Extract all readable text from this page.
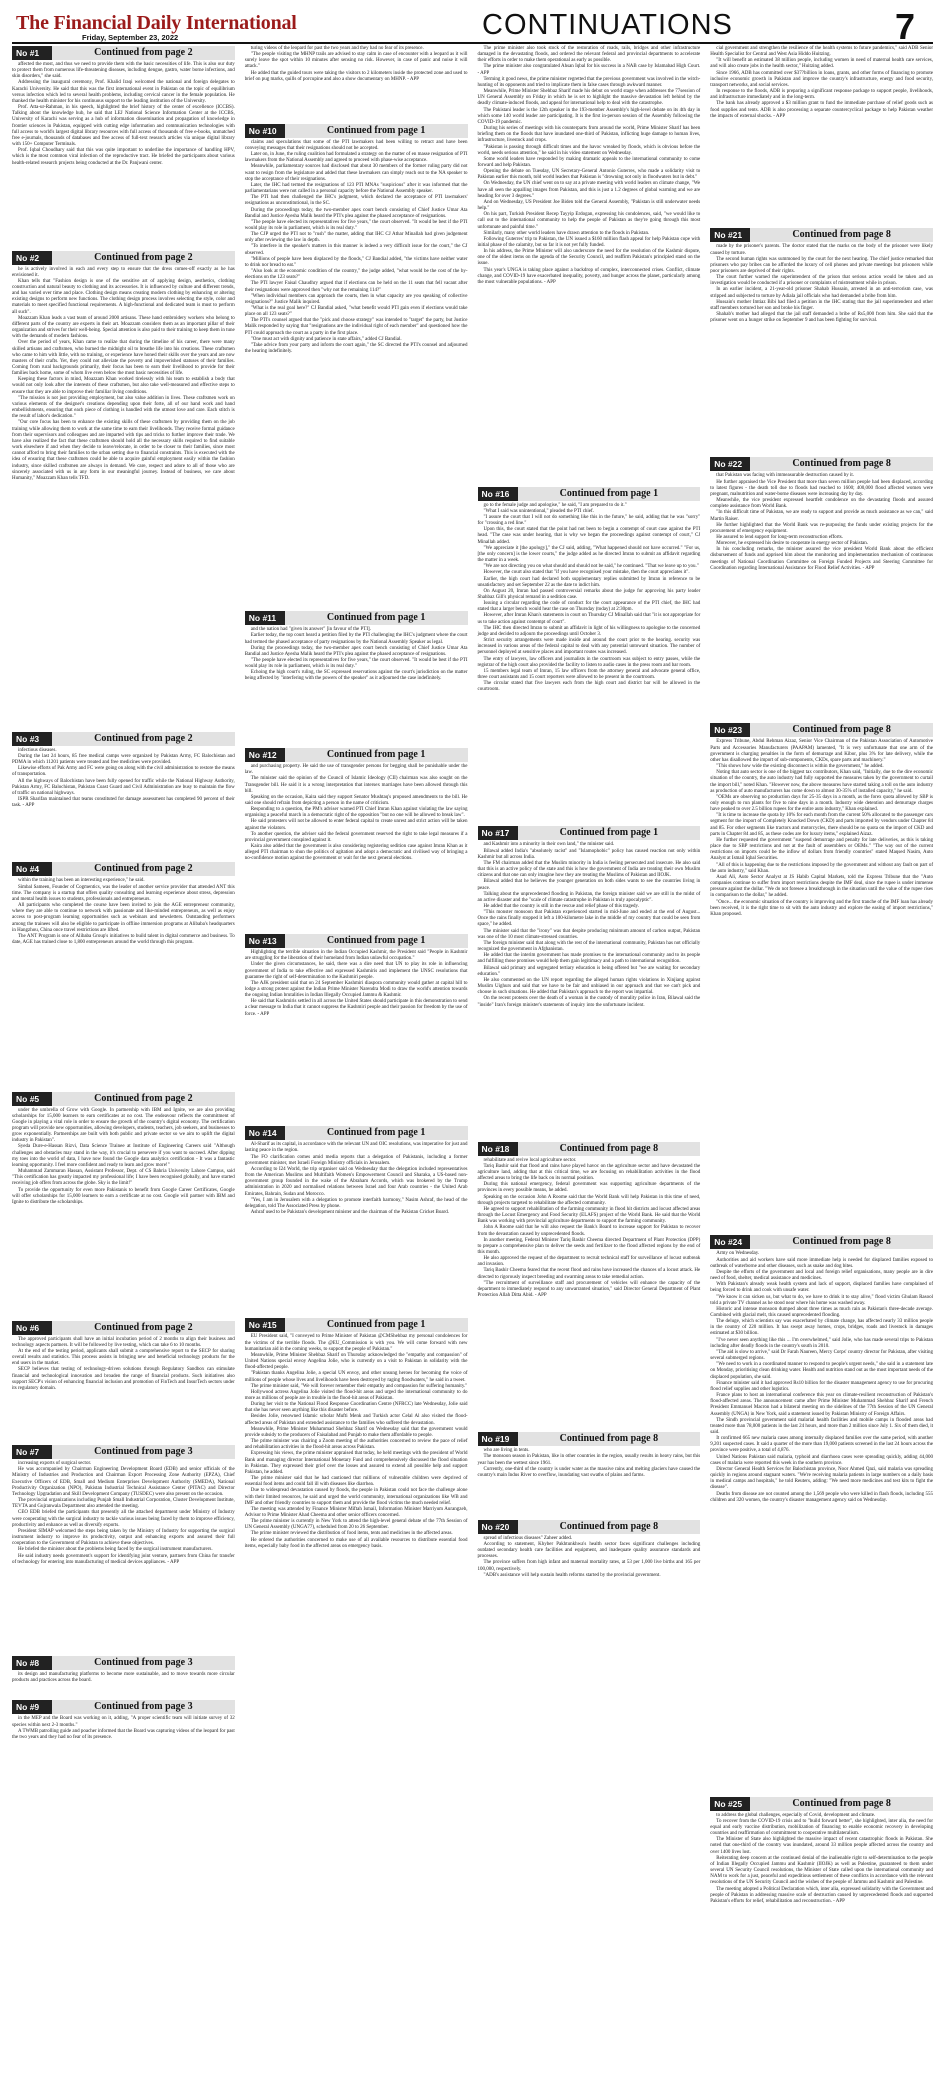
The Financial Daily International
Friday, September 23, 2022	CONTINUATIONS	7
No #1	Continued from page 2

affected the most, and thus we need to provide them with the basic necessities of life. This is also our duty to protect them from numerous life-threatening diseases, including dengue, gastro, water borne infections, and skin disorders," she said.

Addressing the inaugural ceremony, Prof. Khalid Iraqi welcomed the national and foreign delegates to Karachi University. He said that this was the first international event in Pakistan on the topic of equilibrium versus infection which led to several health problems, including cervical cancer in the female population. He thanked the health minister for his continuous support to the leading institution of the University.

Prof. Atta-ur-Rahman, in his speech, highlighted the brief history of the center of excellence (ICCBS). Talking about the knowledge hub, he said that LEJ National Science Information Center at the ICCBS, University of Karachi was serving as a hub of information dissemination and propagation of knowledge in frontier sciences in Pakistan, equipped with cutting edge information and communication technologies with full access to world's largest digital library resources with full access of thousands of free e-books, unmatched free e-journals, thousands of databases and free access of full-text research articles via unique digital library with 150+ Computer Terminals.

Prof. Iqbal Choudhary said that this was quite important to underline the importance of handling HPV, which is the most common viral infection of the reproductive tract. He briefed the participants about various health-related research projects being conducted at the Dr. Panjwani center.

No #2	Continued from page 2

he is actively involved in each and every step to ensure that the dress comes-off exactly as he has envisioned it.

Khan tells that "Fashion design is one of the sensitive art of applying design, aesthetics, clothing construction and natural beauty to clothing and its accessories. It is influenced by culture and different trends, and has varied over time and place. Clothing design means creating modern clothing by enhancing or altering existing designs to perform new functions. The clothing design process involves selecting the style, color and materials to meet specified functional requirements. A high-functional and dedicated team is must to perform all such".

Moazzam Khan leads a vast team of around 2000 artisans. These hand embroidery workers who belong to different parts of the country are experts in their art. Moazzam considers them as an important pillar of their organization and strives for their well-being. Special attention is also paid to their training to keep them in tune with the demands of modern fashions.

Over the period of years, Khan came to realize that during the timeline of his career, there were many skilled artisans and craftsmen, who burned the midnight oil to breathe life into his creations. These craftsmen who came to him with little, with no training, or experience have honed their skills over the years and are now masters of their crafts. Yet, they could not alleviate the poverty and impoverished statuses of their families. Coming from rural backgrounds primarily, their focus has been to earn their livelihood to provide for their families back home, some of whom live even below the most basic necessities of life.

Keeping these factors in mind, Moazzam Khan worked tirelessly with his team to establish a body that would not only look after the interests of these craftsmen, but also take well-measured and effective steps to ensure that they are able to improve their familiar living conditions.

"The mission is not just providing employment, but also value addition in lives. These craftsmen work on various elements of the designer's creations depending upon their forte, all of our hand work and hand embellishments, ensuring that each piece of clothing is handled with the utmost love and care. Each stitch is the result of labor's dedication."

"Our core focus has been to enhance the existing skills of these craftsmen by providing them on the job training while allowing them to work at the same time to earn their livelihoods. They receive formal guidance from their supervisors and colleagues and are imparted with tips and tricks to further improve their trade. We have also realized the fact that these craftsmen should hold all the necessary skills required to find suitable work elsewhere if and when they decide to leave/relocate, in order to be closer to their families, since most cannot afford to bring their families to the urban setting due to financial constraints. This is executed with the idea of ensuring that these craftsmen could be able to acquire gainful employment easily within the fashion industry, since skilled craftsmen are always in demand. We care, respect and adore to all of those who are sincerely associated with us in any form in our meaningful journey. Instead of business, we care about Humanity," Moazzam Khan tells TFD.

No #3	Continued from page 2

infectious diseases.

During the last 24 hours, 85 free medical camps were organized by Pakistan Army, FC Balochistan and PDMA in which 11201 patients were treated and free medicines were provided.

Likewise efforts of Pak Army and FC were going on along with the civil administration to restore the means of transportation.

All the highways of Balochistan have been fully opened for traffic while the National Highway Authority, Pakistan Army, FC Balochistan, Pakistan Coast Guard and Civil Administration are busy to maintain the flow of traffic on national highways.

ISPR Sharifan maintained that teams constituted for damage assessment has completed 90 percent of their task. - APP

No #4	Continued from page 2

within the training has been an interesting experience," he said.

Simbal Sameen, Founder of Cogmentics, was the leader of another service provider that attended ANT this time. The company is a startup that offers quality consulting and learning experience about stress, depression and mental health issues to students, professionals and entrepreneurs.

All participants who completed the course have been invited to join the AGE entrepreneur community, where they are able to continue to network with passionate and like-minded entrepreneurs, as well as enjoy access to post-program learning opportunities such as webinars and newsletters. Outstanding performers among the trainees will also be eligible to participate in offline immersion programs at Alibaba's headquarters in Hangzhou, China once travel restrictions are lifted.

The ANT Program is one of Alibaba Group's initiatives to build talent in digital commerce and business. To date, AGE has trained close to 1,800 entrepreneurs around the world through this program.

No #5	Continued from page 2

under the umbrella of Grow with Google. In partnership with IBM and Ignite, we are also providing scholarships for 15,000 learners to earn certificates at no cost. The endeavour reflects the commitment of Google in playing a vital role in order to ensure the growth of the country's digital economy. The certification program will provide new opportunities, allowing developers, students, teachers, job seekers, and businesses to grow exponentially. Partnerships are built with both public and private sector so we aim to uplift the digital industry in Pakistan".

Syeda Dure-e-Hassan Rizvi, Data Science Trainee at Institute of Engineering Careers said "Although challenges and obstacles may stand in the way, it's crucial to persevere if you want to succeed. After dipping my toes into the world of data, I have now found the Google data analytics certification - It was a fantastic learning opportunity. I feel more confident and ready to learn and grow more!"

Muhammad Zammaran Hassan, Assistant Professor, Dept. of CS Bahria University Lahore Campus, said "This certification has greatly impacted my professional life; I have been recognised globally, and have started receiving job offers from across the globe. Sky is the limit!"

To provide the opportunity for even more Pakistanis to benefit from Google Career Certificates, Google will offer scholarships for 15,000 learners to earn a certificate at no cost. Google will partner with IBM and Ignite to distribute the scholarships.

No #6	Continued from page 2

The approved participants shall have an initial incubation period of 2 months to align their business and technology aspects partners. It will be followed by live testing, which can take 6 to 10 months.

At the end of the testing period, applicants shall submit a comprehensive report to the SECP for sharing overall results and statistics. This process assists in bringing new and beneficial technology products for the end users in the market.

SECP believes that testing of technology-driven solutions through Regulatory Sandbox can stimulate financial and technological innovation and broaden the range of financial products. Such initiatives also support SECP's vision of enhancing financial inclusion and promotion of FinTech and InsurTech sectors under its regulatory domain.

No #7	Continued from page 3

increasing exports of surgical sector.

He was accompanied by Chairman Engineering Development Board (EDB) and senior officials of the Ministry of Industries and Production and Chairman Export Processing Zone Authority (EPZA), Chief Executive Officers of EDB, Small and Medium Enterprises Development Authority (SMEDA), National Productivity Organization (NPO), Pakistan Industrial Technical Assistance Center (PITAC) and Director Technology Upgradation and Skill Development Company (TUSDEC) were also present on the occasion.

The provincial organizations including Punjab Small Industrial Corporation, Cluster Development Institute, TEVTA and Gujranwala Department also attended the meeting.

CEO EDB briefed the participants that presently all the attached department under Ministry of Industry were cooperating with the surgical industry to tackle various issues being faced by them to improve efficiency, productivity and enhance as well as diversify exports.

President SIMAP welcomed the steps being taken by the Ministry of Industry for supporting the surgical instrument industry to improve its productivity, output and enhancing exports and assured their full cooperation to the Government of Pakistan to achieve these objectives.

He briefed the minister about the problems being faced by the surgical instrument manufacturers.

He said industry needs government's support for identifying joint venture, partners from China for transfer of technology for entering into manufacturing of medical devices appliances. - APP

No #8	Continued from page 3

its design and manufacturing platforms to become more sustainable, and to move towards more circular products and practices across the board.

No #9	Continued from page 3

in the MEP and the Board was working on it, adding, "A proper scientific team will initiate survey of 32 species within next 2-3 months."

A TWMB patrolling guide and poacher informed that the Board was capturing videos of the leopard for past the two years and they had no fear of its presence.

turing videos of the leopard for past the two years and they had no fear of its presence.

"The people visiting the MHNP trails are advised to stay calm in case of encounter with a leopard as it will surely leave the spot within 10 minutes after sensing no risk. However, in case of panic and noise it will attack."

He added that the guided tours were taking the visitors to 2 kilometers inside the protected zone and used to brief on pug marks, quills of porcupine and also a show documentary on MHNP. - APP

No #10	Continued from page 1

claims and speculations that some of the PTI lawmakers had been willing to retract and have been conveying messages that their resignations should not be accepted.

Later on, in June, the ruling coalition had formulated a strategy on the matter of en masse resignation of PTI lawmakers from the National Assembly and agreed to proceed with phase-wise acceptance.

Meanwhile, parliamentary sources had disclosed that about 30 members of the former ruling party did not want to resign from the legislature and added that these lawmakers can simply reach out to the NA speaker to stop the acceptance of their resignations.

Later, the IHC had termed the resignations of 123 PTI MNAs "suspicious" after it was informed that the parliamentarians were not called in a personal capacity before the National Assembly speaker.

The PTI had then challenged the IHC's judgment, which declared the acceptance of PTI lawmakers' resignations as unconstitutional, in the SC.

During the proceedings today, the two-member apex court bench consisting of Chief Justice Umar Ata Bandial and Justice Ayesha Malik heard the PTI's plea against the phased acceptance of resignations.

"The people have elected its representatives for five years," the court observed. "It would be best if the PTI would play its role in parliament, which is its real duty."

The CJP urged the PTI not to "rush" the matter, adding that IHC CJ Athar Minallah had given judgement only after reviewing the law in depth.

"To interfere in the speaker's matters in this manner is indeed a very difficult issue for the court," the CJ observed.

"Millions of people have been displaced by the floods," CJ Bandial added, "the victims have neither water to drink nor bread to eat."

"Also look at the economic condition of the country," the judge added, "what would be the cost of the by-elections on the 123 seats?"

The PTI lawyer Faisal Chaudhry argued that if elections can be held on the 11 seats that fell vacant after their resignations were approved then "why not the remaining 114?"

"When individual members can approach the courts, then in what capacity are you speaking of collective resignations?" Justice Malik inquired.

"What is the real goal here?" CJ Bandial asked, "what benefit would PTI gain even if elections would take place on all 123 seats?"

The PTI's counsel argued that the "pick and choose strategy" was intended to "target" the party, but Justice Malik responded by saying that "resignations are the individual right of each member" and questioned how the PTI could approach the court as a party in the first place.

"One must act with dignity and patience in state affairs," added CJ Bandial.

"Take advice from your party and inform the court again," the SC directed the PTI's counsel and adjourned the hearing indefinitely.

No #11	Continued from page 1

and the nation had "given its answer" [in favour of the PTI].

Earlier today, the top court heard a petition filed by the PTI challenging the IHC's judgment where the court had termed the phased acceptance of party resignations by the National Assembly Speaker as legal.

During the proceedings today, the two-member apex court bench consisting of Chief Justice Umar Ata Bandial and Justice Ayesha Malik heard the PTI's plea against the phased acceptance of resignations.

"The people have elected its representatives for five years," the court observed. "It would be best if the PTI would play its role in parliament, which is its real duty."

Echoing the high court's ruling, the SC expressed reservations against the court's jurisdiction on the matter being affected by "interfering with the powers of the speaker" as it adjourned the case indefinitely.

No #12	Continued from page 1

and purchasing property. He said the use of transgender persons for begging shall be punishable under the law.

The minister said the opinion of the Council of Islamic Ideology (CII) chairman was also sought on the Transgender bill. He said it is a wrong interpretation that intersex marriages have been allowed through this bill.

Speaking on the occasion, Kaira said they support Senator Mushtaq's proposed amendments to the bill. He said one should refrain from depicting a person in the name of criticism.

Responding to a question, the PM's adviser warned PTI Chief Imran Khan against violating the law saying organising a peaceful march in a democratic right of the opposition "but no one will be allowed to break law".

He said protesters will not be allowed to enter federal capital to create unrest and strict action will be taken against the violators.

To another question, the adviser said the federal government reserved the right to take legal measures if a provincial government conspired against it.

Kaira also added that the government is also considering registering sedition case against Imran Khan as it alleged PTI chairman to shun the politics of agitation and adopt a democratic and civilised way of bringing a no-confidence motion against the government or wait for the next general elections.

No #13	Continued from page 1

Highlighting the terrible situation in the Indian Occupied Kashmir, the President said "People in Kashmir are struggling for the liberation of their homeland from Indian unlawful occupation."

Under the given circumstances, he said, there was a dire need that UN to play its role in influencing government of India to take effective and expressed Kashmiris and implement the UNSC resolutions that guarantee the right of self-determination to the Kashmiri people.

The AJK president said that on 24 September Kashmiri diaspora community would gather at capital hill to lodge a strong protest against the Indian Prime Minister Narendra Modi to draw the world's attention towards the ongoing Indian brutalities in Indian Illegally Occupied Jammu & Kashmir.

He said that Kashmiris settled in all across the United States should participate in this demonstration to send a clear message to India that it cannot suppress the Kashmiri people and their passion for freedom by the use of force. - APP

No #14	Continued from page 1

Al-Sharif as its capital, in accordance with the relevant UN and OIC resolutions, was imperative for just and lasting peace in the region.

The FO clarification comes amid media reports that a delegation of Pakistanis, including a former government minister, met Israeli Foreign Ministry officials in Jerusalem.

According to I24 World, the trip organiser said on Wednesday that the delegation included representatives from the American Muslims and Multifaith Women's Empowerment Council and Sharaka, a US-based non-government group founded in the wake of the Abraham Accords, which was brokered by the Trump administration in 2020 and normalised relations between Israel and four Arab countries - the United Arab Emirates, Bahrain, Sudan and Morocco.

"Yes, I am in Jerusalem with a delegation to promote interfaith harmony," Nasim Ashraf, the head of the delegation, told The Associated Press by phone.

Ashraf used to be Pakistan's development minister and the chairman of the Pakistan Cricket Board.

No #15	Continued from page 1

EU President said, "I conveyed to Prime Minister of Pakistan @CMShehbaz my personal condolences for the victims of the terrible floods. The @EU_Commission is with you. We will come forward with new humanitarian aid in the coming weeks, to support the people of Pakistan."

Meanwhile, Prime Minister Shehbaz Sharif on Thursday acknowledged the "empathy and compassion" of United Nations special envoy Angelina Jolie, who is currently on a visit to Pakistan in solidarity with the flood-affected people.

"Pakistan thanks Angelina Jolie, a special UN envoy, and other unsung heroes for becoming the voice of millions of people whose lives and livelihoods have been destroyed by raging floodwaters," he said in a tweet.

The prime minister said, "We will forever remember their empathy and compassion for suffering humanity."

Hollywood actress Angelina Jolie visited the flood-hit areas and urged the international community to do more as millions of people are in trouble in the flood-hit areas of Pakistan.

During her visit to the National Flood Response Coordination Centre (NFRCC) late Wednesday, Jolie said that she has never seen anything like this disaster before.

Besides Jolie, renowned Islamic scholar Mufti Menk and Turkish actor Celal Al also visited the flood-affected areas of Pakistan and extended assistance to the families who suffered the devastation.

Meanwhile, Prime Minister Muhammad Shehbaz Sharif on Wednesday said that the government would provide subsidy to the producers of Faisalabad and Punjab to make them affordable to people.

The prime minister was chairing a Zoom meeting of the authorities concerned to review the pace of relief and rehabilitation activities in the flood-hit areas across Pakistan.

Expressing his views, the prime minister appraised that today, he held meetings with the president of World Bank and managing director International Monetary Fund and comprehensively discussed the flood situation in Pakistan. They expressed their grief over the losses and assured to extend all possible help and support Pakistan, he added.

The prime minister said that he had cautioned that millions of vulnerable children were deprived of essential food items and could fall ill with diseases like diarrhea.

Due to widespread devastation caused by floods, the people in Pakistan could not face the challenge alone with their limited resources, he said and urged the world community, international organizations like WB and IMF and other friendly countries to support them and provide the flood victims the much needed relief.

The meeting was attended by Finance Minister Miftah Ismail, Information Minister Marriyum Aurangzeb, Advisor to Prime Minister Ahad Cheema and other senior officers concerned.

The prime minister is currently in New York to attend the high-level general debate of the 77th Session of UN General Assembly (UNGA77), scheduled from 20 to 26 September.

The prime minister reviewed the distribution of food items, tents and medicines in the affected areas.

He ordered the authorities concerned to make use of all available resources to distribute essential food items, especially baby food in the affected areas on emergency basis.

The prime minister also took stock of the restoration of roads, rails, bridges and other infrastructure damaged in the devastating floods, and ordered the relevant federal and provincial departments to accelerate their efforts in order to make them operational as early as possible.

The prime minister also congratulated Ahsan Iqbal for his success in a NAB case by Islamabad High Court. - APP

Terming it good news, the prime minister regretted that the previous government was involved in the witch-hunting of its opponents and tried to implicate them in false cases through awkward manner.

Meanwhile, Prime Minister Shehbaz Sharif made his debut on world stage when addresses the 77session of UN General Assembly on Friday in which he is set to highlight the massive devastation left behind by the deadly climate-induced floods, and appeal for international help to deal with the catastrophe.

The Pakistani leader is the 12th speaker in the 193-member Assembly's high-level debate on its 4th day in which some 140 world leader are participating. It is the first in-person session of the Assembly following the COVID-19 pandemic.

During his series of meetings with his counterparts from around the world, Prime Minister Sharif has been briefing them on the floods that have inundated one-third of Pakistan, inflicting huge damage to human lives, infrastructure, livestock and crops.

"Pakistan is passing through difficult times and the havoc wreaked by floods, which is obvious before the world, needs serious attention," he said in his video statement on Wednesday.

Some world leaders have responded by making dramatic appeals to the international community to come forward and help Pakistan.

Opening the debate on Tuesday, UN Secretary-General Antonio Guterres, who made a solidarity visit to Pakistan earlier this month, told world leaders that Pakistan is "drowning not only in floodwaters but in debt."

On Wednesday, the UN chief went on to say at a private meeting with world leaders on climate change, "We have all seen the appalling images from Pakistan, and this is just a 1.2 degrees of global warming and we are heading for over 3 degrees."

And on Wednesday, US President Joe Biden told the General Assembly, "Pakistan is still underwater needs help."

On his part, Turkish President Recep Tayyip Erdogan, expressing his condolences, said, "we would like to call out to the international community to help the people of Pakistan as they're going through this most unfortunate and painful time."

Similarly, many other world leaders have drawn attention to the floods in Pakistan.

Following Guterres' trip to Pakistan, the UN issued a $160 million flash appeal for help Pakistan cope with initial phase of the calamity, but so far it is not yet fully funded.

In his address, the Prime Minister will also underscore the need for the resolution of the Kashmir dispute, one of the oldest items on the agenda of the Security Council, and reaffirm Pakistan's principled stand on the issue.

This year's UNGA is taking place against a backdrop of complex, interconnected crises. Conflict, climate change, and COVID-19 have exacerbated inequality, poverty, and hunger across the planet, particularly among the most vulnerable populations. - APP

No #16	Continued from page 1

go to the female judge and apologise," he said, "I am prepared to do it."

"What I said was unintentional," pleaded the PTI chief.

"I assure the court that I will not do something like this in the future," he said, adding that he was "sorry" for "crossing a red line."

Upon this, the court stated that the point had not been to begin a contempt of court case against the PTI head. "The case was under hearing, that is why we began the proceedings against contempt of court," CJ Minallah added.

"We appreciate it [the apology]," the CJ said, adding, "What happened should not have occurred." "For us, [the only concern] is the lower courts," the judge added as he directed Imran to submit an affidavit regarding the matter in a week.

"We are not directing you on what should and should not be said," he continued. "That we leave up to you."

However, the court also stated that "if you have recognised your mistake, then the court appreciates it".

Earlier, the high court had declared both supplementary replies submitted by Imran in reference to be unsatisfactory and set September 22 as the date to indict him.

On August 20, Imran had passed controversial remarks about the judge for approving his party leader Shahbaz Gill's physical remand in a sedition case.

Issuing a circular regarding the code of conduct for the court appearance of the PTI chief, the IHC had stated that a larger bench would hear the case on Thursday (today) at 2:30pm.

However, after Imran Khan's statements in court on Thursday CJ Minallah said that "it is not appropriate for us to take action against contempt of court".

The IHC then directed Imran to submit an affidavit in light of his willingness to apologise to the concerned judge and decided to adjourn the proceedings until October 3.

Strict security arrangements were made inside and around the court prior to the hearing. security was increased in various areas of the federal capital to deal with any potential untoward situation. The number of personnel deployed at sensitive places and important routes was increased.

The entry of lawyers, law officers and journalists in the courtroom was subject to entry passes, while the registrar of the high court also provided the facility to listen to audio cases in the press room and bar room.

15 members legal team of Imran, 15 law officers from the attorney general and advocate general office, three court assistants and 15 court reporters were allowed to be present in the courtroom.

The circular stated that five lawyers each from the high court and district bar will be allowed in the courtroom.

No #17	Continued from page 1

and Kashmir into a minority in their own land," the minister said.

Bilawal added India's "absolutely racist" and "Islamophobic" policy has caused reaction not only within Kashmir but all across India.

The FM chairman added that the Muslim minority in India is feeling persecuted and insecure. He also said that this is an active policy of the state and this is how the government of India are treating their own Muslim citizens and that one can only imagine how they are treating the Muslims of Pakistan and IIOJK.

Bilawal added that he believes the younger generation on both sides wants to see the countries living in peace.

Talking about the unprecedented flooding in Pakistan, the foreign minister said we are still in the midst of an active disaster and the "scale of climate catastrophe in Pakistan is truly apocalyptic".

He added that the country is still in the rescue and relief phase of this tragedy.

"This monster monsoon that Pakistan experienced started in mid-June and ended at the end of August... Once the rains finally stopped it left a 100-kilometre lake in the middle of my country that could be seen from space," he added.

The minister said that the "irony" was that despite producing minimum amount of carbon output, Pakistan was one of the 10 most climate-stressed countries.

The foreign minister said that along with the rest of the international community, Pakistan has not officially recognized the government in Afghanistan.

He added that the interim government has made promises to the international community and to its people and fulfilling those promises would help them gain legitimacy and a path to international recognition.

Bilawal said primary and segregated tertiary education is being offered but "we are waiting for secondary education."

He also commented on the UN report regarding the alleged human rights violations in Xinjiang against Muslim Uighurs and said that we have to be fair and unbiased in our approach and that we can't pick and choose in such situations. He added that Pakistan's approach to the report was impartial.

On the recent protests over the death of a woman in the custody of morality police in Iran, Bilawal said the "inside" Iran's foreign minister's statements of inquiry into the unfortunate incident.

No #18	Continued from page 8

rehabilitate and revive local agriculture sector.

Tariq Bashir said that flood and rains have played havoc on the agriculture sector and have devastated the agriculture land, adding that at this critical time, we are focusing on rehabilitation activities in the flood affected areas to bring the life back on its normal position.

During this national emergency, federal government was supporting agriculture departments of the provinces in every possible means, he added.

Speaking on the occasion John A Roome said that the World Bank will help Pakistan in this time of need, through projects targeted to rehabilitate the affected community.

He agreed to support rehabilitation of the farming community in flood hit districts and locust affected areas through the Locust Emergency and Food Security (ELAFS) project of the World Bank. He said that the World Bank was working with provincial agriculture departments to support the farming community.

John A Roome said that he will also request the Bank's Board to increase support for Pakistan to recover from the devastation caused by unprecedented floods.

In another meeting, Federal Minister Tariq Bashir Cheema directed Department of Plant Protection (DPP) to prepare a comprehensive plan to deliver the seeds and fertilizer to the flood affected regions by the end of this month.

He also approved the request of the department to recruit technical staff for surveillance of locust outbreak and invasion.

Tariq Bashir Cheema feared that the recent flood and rains have increased the chances of a locust attack. He directed to rigorously inspect breeding and swarming areas to take remedial action.

"The recruitment of surveillance staff and procurement of vehicles will enhance the capacity of the department to immediately respond to any unwarranted situation," said Director General Department of Plant Protection Allah Ditta Abid. - APP

No #19	Continued from page 8

who are living in tents.

The monsoon season in Pakistan, like in other countries in the region, usually results in heavy rains, but this year has been the wettest since 1961.

Currently, one-third of the country is under water as the massive rains and melting glaciers have caused the country's main Indus River to overflow, inundating vast swaths of plains and farms.

No #20	Continued from page 8

spread of infectious diseases" Zaheer added.

According to statement, Khyber Pakhtunkhwa's health sector faces significant challenges including outdated secondary health care facilities and equipment, and inadequate quality assurance standards and processes.

The province suffers from high infant and maternal mortality rates, at 53 per 1,000 live births and 165 per 100,000, respectively.

"ADB's assistance will help sustain health reforms started by the provincial government.

cial government and strengthen the resilience of the health systems to future pandemics," said ADB Senior Health Specialist for Central and West Asia Hiddo Huitzing.

"It will benefit an estimated 38 million people, including women in need of maternal health care services, and will also create jobs in the health sector," Huitzing added.

Since 1966, ADB has committed over $37?billion in loans, grants, and other forms of financing to promote inclusive economic growth in Pakistan and improve the country's infrastructure, energy and food security, transport networks, and social services.

In response to the floods, ADB is preparing a significant response package to support people, livelihoods, and infrastructure immediately and in the long-term.

The bank has already approved a $3 million grant to fund the immediate purchase of relief goods such as food supplies and tents. ADB is also processing a separate countercyclical package to help Pakistan weather the impacts of external shocks. - APP

No #21	Continued from page 8

made by the prisoner's parents. The doctor stated that the marks on the body of the prisoner were likely caused by torture.

The second human rights was summoned by the court for the next hearing. The chief justice remarked that prisoners who pay bribes can be afforded the luxury of cell phones and private meetings but prisoners while poor prisoners are deprived of their rights.

The court further warned the superintendent of the prison that serious action would be taken and an investigation would be conducted if a prisoner or complaints of mistreatment while in prison.

In an earlier incident, a 21-year-old prisoner Shahab Hussain, arrested in an anti-terrorism case, was stripped and subjected to torture by Adiala jail officials who had demanded a bribe from him.

Hussain's mother Imtiaz Bibi had filed a petition in the IHC stating that the jail superintendent and other staff members tortured her son and broke his finger.

Shahab's mother had alleged that the jail staff demanded a bribe of Rs5,000 from him. She said that the prisoner went on a hunger strike on September 9 and has been fighting for survival.

No #22	Continued from page 8

that Pakistan was facing with immeasurable destruction caused by it.

He further appraised the Vice President that more than seven million people had been displaced, according to latest figures - the death toll due to floods had reached to 1600; 400,000 flood affected women were pregnant, malnutrition and water-borne diseases were increasing day by day.

Meanwhile, the vice president expressed heartfelt condolence on the devastating floods and assured complete assistance from World Bank.

"In this difficult time of Pakistan, we are ready to support and provide as much assistance as we can," said Martin Raiser.

He further highlighted that the World Bank was re-purposing the funds under existing projects for the procurement of emergency equipment.

He assured to lend support for long-term reconstruction efforts.

Moreover, he expressed his desire to cooperate in energy sector of Pakistan.

In his concluding remarks, the minister assured the vice president World Bank about the efficient disbursement of funds and apprised him about the monitoring and implementation mechanism of continuous meetings of National Coordination Committee on Foreign Funded Projects and Steering Committee for Coordination regarding International Assistance for Flood Relief Activities. - APP

No #23	Continued from page 8

Express Tribune, Abdul Rehman Aizaz, Senior Vice Chairman of the Pakistan Association of Automotive Parts and Accessories Manufacturers (PAAPAM) lamented, "It is very unfortunate that one arm of the government is charging penalties in the form of demurrage and Kibor, plus 3% for late delivery, while the other has disallowed the import of sub-components, CKDs, spare parts and machinery."

"This shows how wide the existing disconnect is within the government," he added.

Noting that auto sector is one of the biggest tax contributors, Khan said, "Initially, due to the dire economic situation of the country, the auto industry had fully supported the measures taken by the government to curtail the import bill," noted Khan. "However now, the above measures have started taking a toll on the auto industry as production of auto manufacturers has come down to almost 30-35% of installed capacity," he said.

"OEMs are observing no production days for 25-35 days in a month, as the forex quota allowed by SBP is only enough to run plants for five to nine days in a month. Industry wide detention and demurrage charges have peaked to over 2.5 billion rupees for the entire auto industry," Khan explained.

"It is time to increase the quota by 10% for each month from the current 50% allocated to the passenger cars segment for the import of Completely Knocked Down (CKD) and parts imported by vendors under Chapter 84 and 85. For other segments like tractors and motorcycles, there should be no quota on the import of CKD and parts in Chapter 84 and 85, as these codes are for luxury items," explained Aizaz.

He further requested the government "suspend demurrage and penalty for late deliveries, as this is taking place due to SBP restrictions and not at the fault of assemblers or OEMs." "The way out of the current restrictions on imports could be the inflow of dollars from friendly countries" stated Maqsed Nasim, Auto Analyst at Ismail Iqbal Securities.

"All of this is happening due to the restrictions imposed by the government and without any fault on part of the auto industry," said Khan.

Asad Ali, Auto Sector Analyst at JS Habib Capital Markets, told the Express Tribune that the "Auto companies continue to suffer from import restrictions despite the IMF deal, since the rupee is under immense pressure against the dollar. "We do not foresee a breakthrough in the situation until the value of the rupee rises in comparison to the dollar," he added.

"Once... the economic situation of the country is improving and the first tranche of the IMF loan has already been received, it is the right time to sit with the auto industry and explore the easing of import restrictions," Khan proposed.

No #24	Continued from page 8

Army on Wednesday.

Authorities and aid workers have said more immediate help is needed for displaced families exposed to outbreak of waterborne and other diseases, such as snake and dog bites.

Despite the efforts of the government and local and foreign relief organisations, many people are in dire need of food, shelter, medical assistance and medicines.

With Pakistan's already weak health system and lack of support, displaced families have complained of being forced to drink and cook with unsafe water.

"We know it can sicken us, but what to do, we have to drink it to stay alive," flood victim Ghulam Rasool told a private TV channel as he stood near where his home was washed away.

Historic and intense monsoon dumped about three times as much rain as Pakistan's three-decade average. Combined with glacial melt, this caused unprecedented flooding.

The deluge, which scientists say was exacerbated by climate change, has affected nearly 33 million people in the country of 220 million. It has swept away homes, crops, bridges, roads and livestock in damages estimated at $30 billion.

"I've never seen anything like this ... I'm overwhelmed," said Jolie, who has made several trips to Pakistan including after deadly floods in the country's south in 2010.

"The aid is slow to arrive," said Dr Farah Naureen, Mercy Corps' country director for Pakistan, after visiting several submerged regions.

"We need to work in a coordinated manner to respond to people's urgent needs," she said in a statement late on Monday, prioritising clean drinking water. Health and nutrition stand out as the most important needs of the displaced population, she said.

Finance minister said it had approved Rs10 billion for the disaster management agency to use for procuring flood relief supplies and other logistics.

France plans to host an international conference this year on climate-resilient reconstruction of Pakistan's flood-affected areas. The announcement came after Prime Minister Muhammad Shehbaz Sharif and French President Emmanuel Macron had a bilateral meeting on the sidelines of the 77th Session of the UN General Assembly (UNGA) in New York, said a statement issued by Pakistan Ministry of Foreign Affairs.

The Sindh provincial government said malarial health facilities and mobile camps in flooded areas had treated more than 78,000 patients in the last 24 hours, and more than 2 million since July 1. Six of them died, it said.

It confirmed 665 new malaria cases among internally displaced families over the same period, with another 9,201 suspected cases. It said a quarter of the more than 19,000 patients screened in the last 24 hours across the province were positive, a total of 4,876.

United Nations Pakistan said malaria, typhoid and diarrhoea cases were spreading quickly, adding 44,000 cases of malaria were reported this week in the southern province.

Director General Health Services for Balochistan province, Noor Ahmed Qazi, said malaria was spreading quickly in regions around stagnant waters. "We're receiving malaria patients in large numbers on a daily basis in medical camps and hospitals," he told Reuters, adding: "We need more medicines and test kits to fight the disease".

Deaths from disease are not counted among the 1,569 people who were killed in flash floods, including 555 children and 320 women, the country's disaster management agency said on Wednesday.

No #25	Continued from page 8

to address the global challenges, especially of Covid, development and climate.

To recover from the COVID-19 crisis and to "build forward better", she highlighted, inter alia, the need for equal and early vaccine distribution, mobilization of financing to enable economic recovery in developing countries and reaffirmation of commitment to cooperative multilateralism.

The Minister of State also highlighted the massive impact of recent catastrophic floods in Pakistan. She noted that one-third of the country was inundated, around 33 million people affected across the country and over 1400 lives lost.

Reiterating deep concern at the continued denial of the inalienable right to self-determination to the people of Indian Illegally Occupied Jammu and Kashmir (IIOJK) as well as Palestine, guaranteed to them under several UN Security Council resolutions, the Minister of State called upon the international community and NAM to work for a just, peaceful and expeditious settlement of these conflicts in accordance with the relevant resolutions of the UN Security Council and the wishes of the people of Jammu and Kashmir and Palestine.

The meeting adopted a Political Declaration which, inter alia, expressed solidarity with the Government and people of Pakistan in addressing massive scale of destruction caused by unprecedented floods and supported Pakistan's efforts for relief, rehabilitation and reconstruction. - APP
